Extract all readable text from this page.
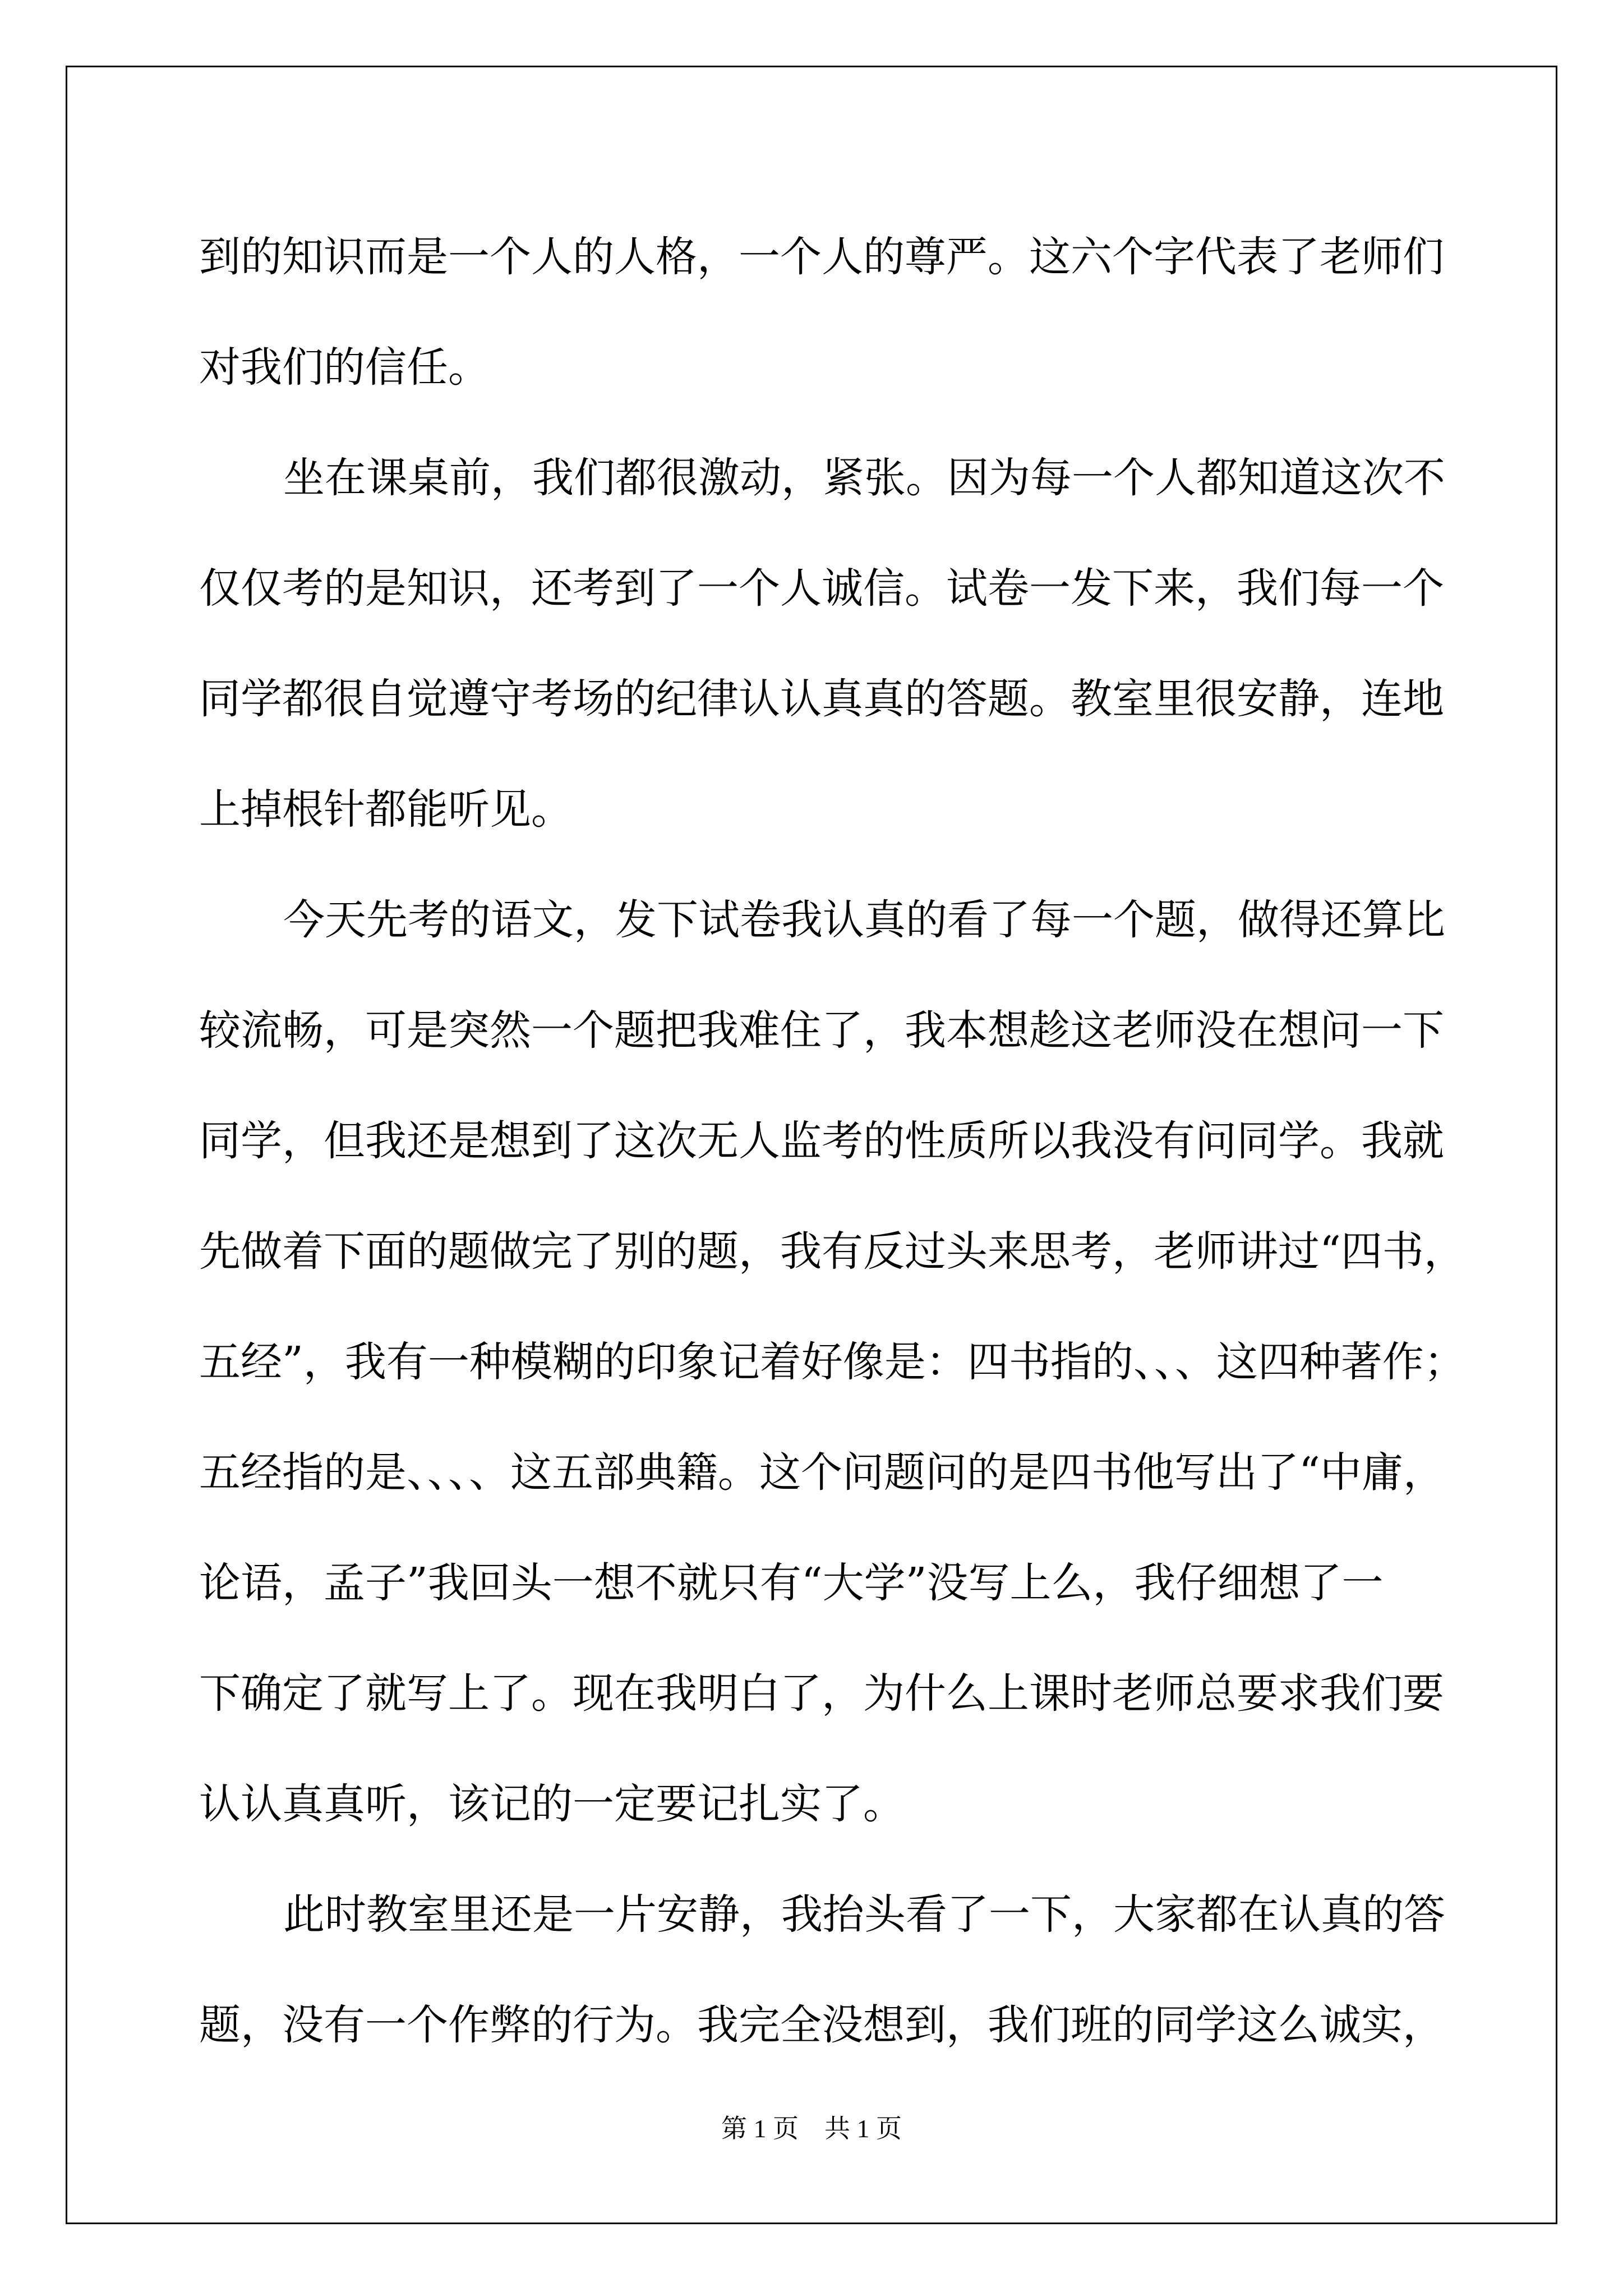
到的知识而是一个人的人格，一个人的尊严。这六个字代表了老师们
对我们的信任。
坐在课桌前，我们都很激动，紧张。因为每一个人都知道这次不
仅仅考的是知识，还考到了一个人诚信。试卷一发下来，我们每一个
同学都很自觉遵守考场的纪律认认真真的答题。教室里很安静，连地
上掉根针都能听见。
今天先考的语文，发下试卷我认真的看了每一个题，做得还算比
较流畅，可是突然一个题把我难住了，我本想趁这老师没在想问一下
同学，但我还是想到了这次无人监考的性质所以我没有问同学。我就
先做着下面的题做完了别的题，我有反过头来思考，老师讲过“四书，
五经”，我有一种模糊的印象记着好像是：四书指的、、、这四种著作；
五经指的是、、、、这五部典籍。这个问题问的是四书他写出了“中庸，
论语，孟子”我回头一想不就只有“大学”没写上么，我仔细想了一
下确定了就写上了。现在我明白了，为什么上课时老师总要求我们要
认认真真听，该记的一定要记扎实了。
此时教室里还是一片安静，我抬头看了一下，大家都在认真的答
题，没有一个作弊的行为。我完全没想到，我们班的同学这么诚实，
第 1 页　共 1 页
